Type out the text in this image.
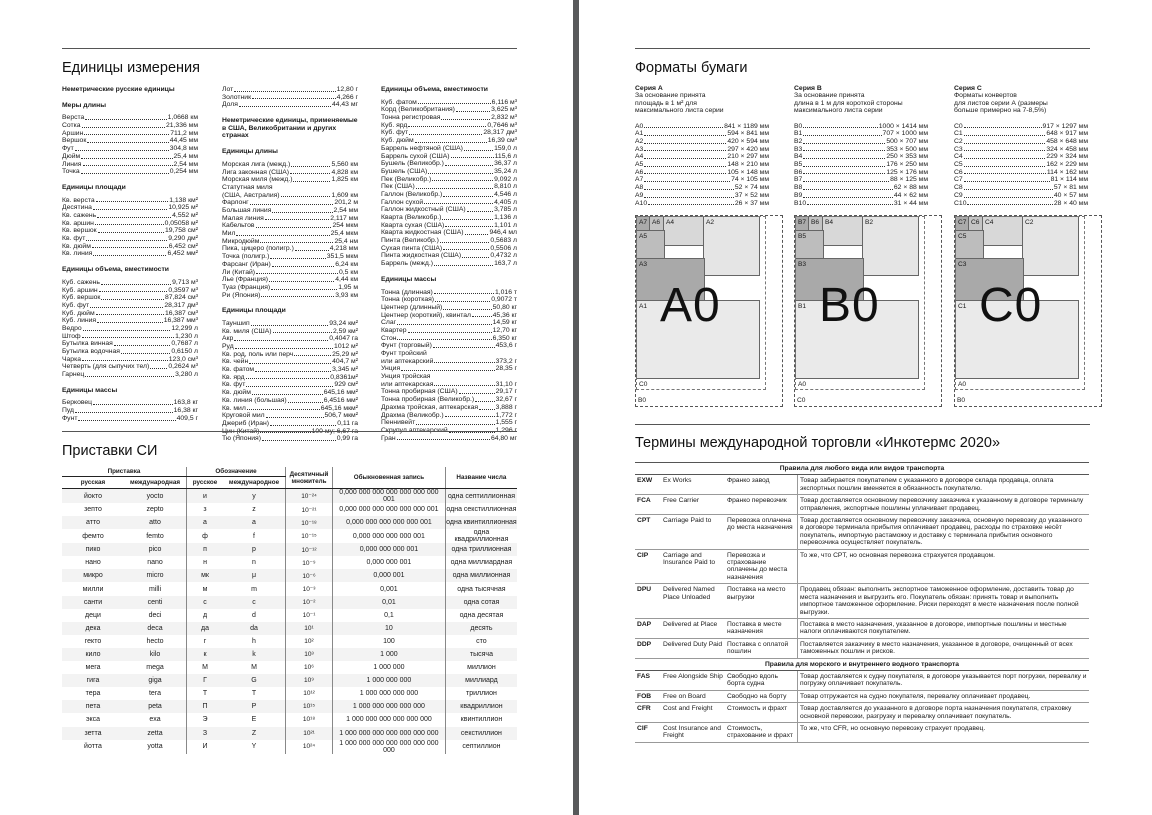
Единицы измерения
Неметрические русские единицы
Меры длины
Верста	1,0668 км
Сотка	21,336 мм
Аршин	711,2 мм
Вершок	44,45 мм
Фут	304,8 мм
Дюйм	25,4 мм
Линия	2,54 мм
Точка	0,254 мм
Единицы площади
Кв. верста	1,138 км²
Десятина	10,925 м²
Кв. сажень	4,552 м²
Кв. аршин	0,05058 м²
Кв. вершок	19,758 см²
Кв. фут	9,290 дм²
Кв. дюйм	6,452 см²
Кв. линия	6,452 мм²
Единицы объема, вместимости
Куб. сажень	9,713 м³
Куб. аршин	0,3597 м³
Куб. вершок	87,824 см³
Куб. фут	28,317 дм³
Куб. дюйм	16,387 см³
Куб. линия	16,387 мм³
Ведро	12,299 л
Штоф	1,230 л
Бутылка винная	0,7687 л
Бутылка водочная	0,6150 л
Чарка	123,0 см³
Четверть (для сыпучих тел)	0,2624 м³
Гарнец	3,280 л
Единицы массы
Берковец	163,8 кг
Пуд	16,38 кг
Фунт	409,5 г
Лот	12,80 г
Золотник	4,266 г
Доля	44,43 мг
Неметрические единицы, применяемые в США, Великобритании и других странах
Единицы длины
Морская лига (межд.)	5,560 км
Лига законная (США)	4,828 км
Морская миля (межд.)	1,825 км
Статутная миля
(США, Австралия)	1,609 км
Фарлонг	201,2 м
Большая линия	2,54 мм
Малая линия	2,117 мм
Кабельтов	254 мкм
Мил	25,4 мкм
Микродюйм	25,4 нм
Пика, цицеро (полигр.)	4,218 мм
Точка (полигр.)	351,5 мкм
Фарсанг (Иран)	6,24 км
Ли (Китай)	0,5 км
Лье (Франция)	4,44 км
Туаз (Франция)	1,95 м
Ри (Япония)	3,93 км
Единицы площади
Тауншип	93,24 км²
Кв. миля (США)	2,59 км²
Акр	0,4047 га
Руд	1012 м²
Кв. род, поль или перч	25,29 м²
Кв. чейн	404,7 м²
Кв. фатом	3,345 м²
Кв. ярд	0,8361м²
Кв. фут	929 см²
Кв. дюйм	645,16 мм²
Кв. линия (большая)	6,4516 мм²
Кв. мил	645,16 мкм²
Круговой мил	506,7 мкм²
Джериб (Иран)	0,11 га
Тю (Япония)	0,99 га
Единицы объема, вместимости
Куб. фатом	6,116 м³
Корд (Великобритания)	3,625 м³
Тонна регистровая	2,832 м³
Куб. ярд	0,7646 м³
Куб. фут	28,317 дм³
Куб. дюйм	16,39 см³
Баррель нефтяной (США)	159,0 л
Баррель сухой (США)	115,6 л
Бушель (Великобр.)	36,37 л
Бушель (США)	35,24 л
Пек (Великобр.)	9,092 л
Пек (США)	8,810 л
Галлон (Великобр.)	4,546 л
Галлон сухой	4,405 л
Галлон жидкостный (США)	3,785 л
Кварта (Великобр.)	1,136 л
Кварта сухая (США)	1,101 л
Кварта жидкостная (США)	946,4 мл
Пинта (Великобр.)	0,5683 л
Сухая пинта (США)	0,5506 л
Пинта жидкостная (США)	0,4732 л
Баррель (межд.)	163,7 л
Единицы массы
Тонна (длинная)	1,016 т
Тонна (короткая)	0,9072 т
Центнер (длинный)	50,80 кг
Центнер (короткий), квинтал	45,36 кг
Слаг	14,59 кг
Квартер	12,70 кг
Стон	6,350 кг
Фунт (торговый)	453,6 г
Фунт тройский
или аптекарский	373,2 г
Унция	28,35 г
Унция тройская
или аптекарская	31,10 г
Тонна пробирная (США)	29,17 г
Тонна пробирная (Великобр.)	32,67 г
Драхма тройская, аптекарская	3,888 г
Драхма (Великобр.)	1,772 г
Пеннивейт	1,555 г
Гран	64,80 мг
Приставки СИ
Приставка		Обозначение		Десятичный множитель	Обыкновенная запись	Название числа
русская	международная	русское	международное			
йокто	yocto	и	y	10⁻²⁴	0,000 000 000 000 000 000 000 001	одна септиллионная
зепто	zepto	з	z	10⁻²¹	0,000 000 000 000 000 000 001	одна секстиллионная
атто	atto	а	a	10⁻¹⁸	0,000 000 000 000 000 001	одна квинтиллионная
фемто	femto	ф	f	10⁻¹⁵	0,000 000 000 000 001	одна квадриллионная
пико	pico	п	p	10⁻¹²	0,000 000 000 001	одна триллионная
нано	nano	н	n	10⁻⁹	0,000 000 001	одна миллиардная
микро	micro	мк	μ	10⁻⁶	0,000 001	одна миллионная
милли	milli	м	m	10⁻³	0,001	одна тысячная
санти	centi	с	c	10⁻²	0,01	одна сотая
деци	deci	д	d	10⁻¹	0,1	одна десятая
дека	deca	да	da	10¹	10	десять
гекто	hecto	г	h	10²	100	сто
кило	kilo	к	k	10³	1 000	тысяча
мега	mega	М	M	10⁶	1 000 000	миллион
гига	giga	Г	G	10⁹	1 000 000 000	миллиард
тера	tera	Т	T	10¹²	1 000 000 000 000	триллион
пета	peta	П	P	10¹⁵	1 000 000 000 000 000	квадриллион
экса	exa	Э	E	10¹⁸	1 000 000 000 000 000 000	квинтиллион
зетта	zetta	З	Z	10²¹	1 000 000 000 000 000 000 000	секстиллион
йотта	yotta	И	Y	10²⁴	1 000 000 000 000 000 000 000 000	септиллион
Форматы бумаги
Серия А
За основание принята
площадь в 1 м² для
максимального листа серии
A0	841 × 1189 мм
A1	594 × 841 мм
A2	420 × 594 мм
A3	297 × 420 мм
A4	210 × 297 мм
A5	148 × 210 мм
A6	105 × 148 мм
A7	74 × 105 мм
A8	52 × 74 мм
A9	37 × 52 мм
A10	26 × 37 мм
A7 A6 A4	A2
A5
A3
A1
C0
B0
A0
Серия В
За основание принята
длина в 1 м для короткой стороны
максимального листа серии
B0	1000 × 1414 мм
B1	707 × 1000 мм
B2	500 × 707 мм
B3	353 × 500 мм
B4	250 × 353 мм
B5	176 × 250 мм
B6	125 × 176 мм
B7	88 × 125 мм
B8	62 × 88 мм
B9	44 × 62 мм
B10	31 × 44 мм
B7 B6 B4	B2
B5
B3
B1
A0
C0
B0
Серия С
Форматы конвертов
для листов серии А (размеры
больше примерно на 7-8,5%)
C0	917 × 1297 мм
C1	648 × 917 мм
C2	458 × 648 мм
C3	324 × 458 мм
C4	229 × 324 мм
C5	162 × 229 мм
C6	114 × 162 мм
C7	81 × 114 мм
C8	57 × 81 мм
C9	40 × 57 мм
C10	28 × 40 мм
C7 C6 C4	C2
C5
C3
C1
A0
B0
C0
Термины международной торговли «Инкотермс 2020»
Правила для любого вида или видов транспорта			
EXW	Ex Works	Франко завод	Товар забирается покупателем с указанного в договоре склада продавца, оплата экспортных пошлин вменяется в обязанность покупателю.
FCA	Free Carrier	Франко перевозчик	Товар доставляется основному перевозчику заказчика к указанному в договоре терминалу отправления, экспортные пошлины уплачивает продавец.
CPT	Carriage Paid to	Перевозка оплачена до места назначения	Товар доставляется основному перевозчику заказчика, основную перевозку до указанного в договоре терминала прибытия оплачивает продавец, расходы по страховке несёт покупатель, импортную растаможку и доставку с терминала прибытия основного перевозчика осуществляет покупатель.
CIP	Carriage and Insurance Paid to	Перевозка и страхование оплачены до места назначения	То же, что CPT, но основная перевозка страхуется продавцом.
DPU	Delivered Named Place Unloaded	Поставка на место выгрузки	Продавец обязан: выполнить экспортное таможенное оформление, доставить товар до места назначения и выгрузить его. Покупатель обязан: принять товар и выполнить импортное таможенное оформление. Риски переходят в месте назначения после полной выгрузки.
DAP	Delivered at Place	Поставка в месте назначения	Поставка в место назначения, указанное в договоре, импортные пошлины и местные налоги оплачиваются покупателем.
DDP	Delivered Duty Paid	Поставка с оплатой пошлин	Поставляется заказчику в место назначения, указанное в договоре, очищенный от всех таможенных пошлин и рисков.
Правила для морского и внутреннего водного транспорта			
FAS	Free Alongside Ship	Свободно вдоль борта судна	Товар доставляется к судну покупателя, в договоре указывается порт погрузки, перевалку и погрузку оплачивает покупатель.
FOB	Free on Board	Свободно на борту	Товар отгружается на судно покупателя, перевалку оплачивает продавец.
CFR	Cost and Freight	Стоимость и фрахт	Товар доставляется до указанного в договоре порта назначения покупателя, страховку основной перевозки, разгрузку и перевалку оплачивает покупатель.
CIF	Cost Insurance and Freight	Стоимость, страхование и фрахт	То же, что CFR, но основную перевозку страхует продавец.
